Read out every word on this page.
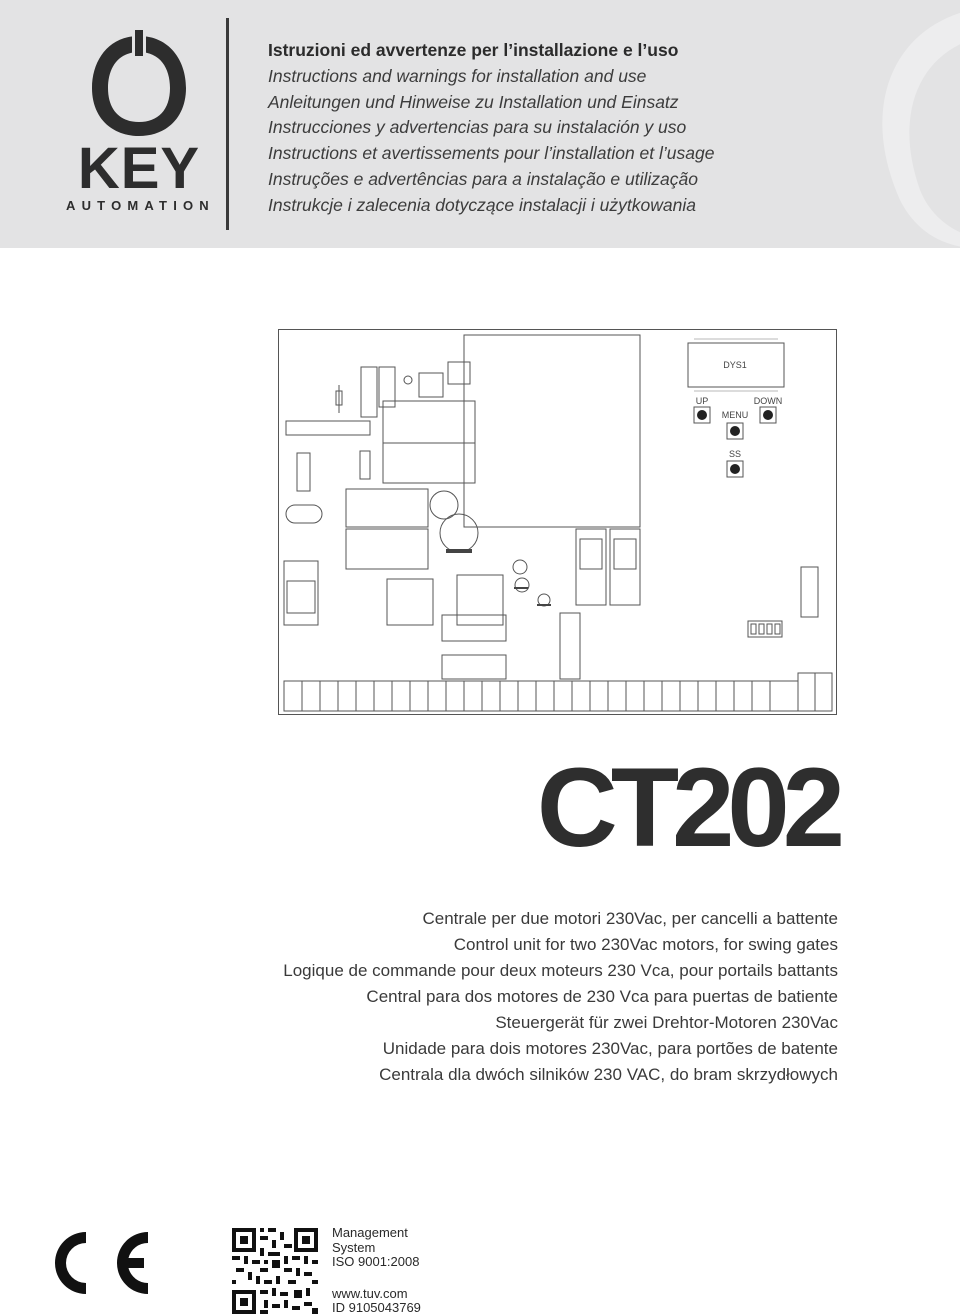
KEY
AUTOMATION
Istruzioni ed avvertenze per l’installazione e l’uso
Instructions and warnings for installation and use
Anleitungen und Hinweise zu Installation und Einsatz
Instrucciones y advertencias para su instalación y uso
Instructions et avertissements pour l’installation et l’usage
Instruções e advertências para a instalação e utilização
Instrukcje i zalecenia dotyczące instalacji i użytkowania
DYS1
UP
MENU
DOWN
SS
CT202
Centrale per due motori 230Vac, per cancelli a battente
Control unit for two 230Vac motors, for swing gates
Logique de commande pour deux moteurs 230 Vca, pour portails battants
Central para dos motores de 230 Vca para puertas de batiente
Steuergerät für zwei Drehtor-Motoren 230Vac
Unidade para dois motores 230Vac, para portões de batente
Centrala dla dwóch silników 230 VAC, do bram skrzydłowych
Management
System
ISO 9001:2008
www.tuv.com
ID 9105043769
